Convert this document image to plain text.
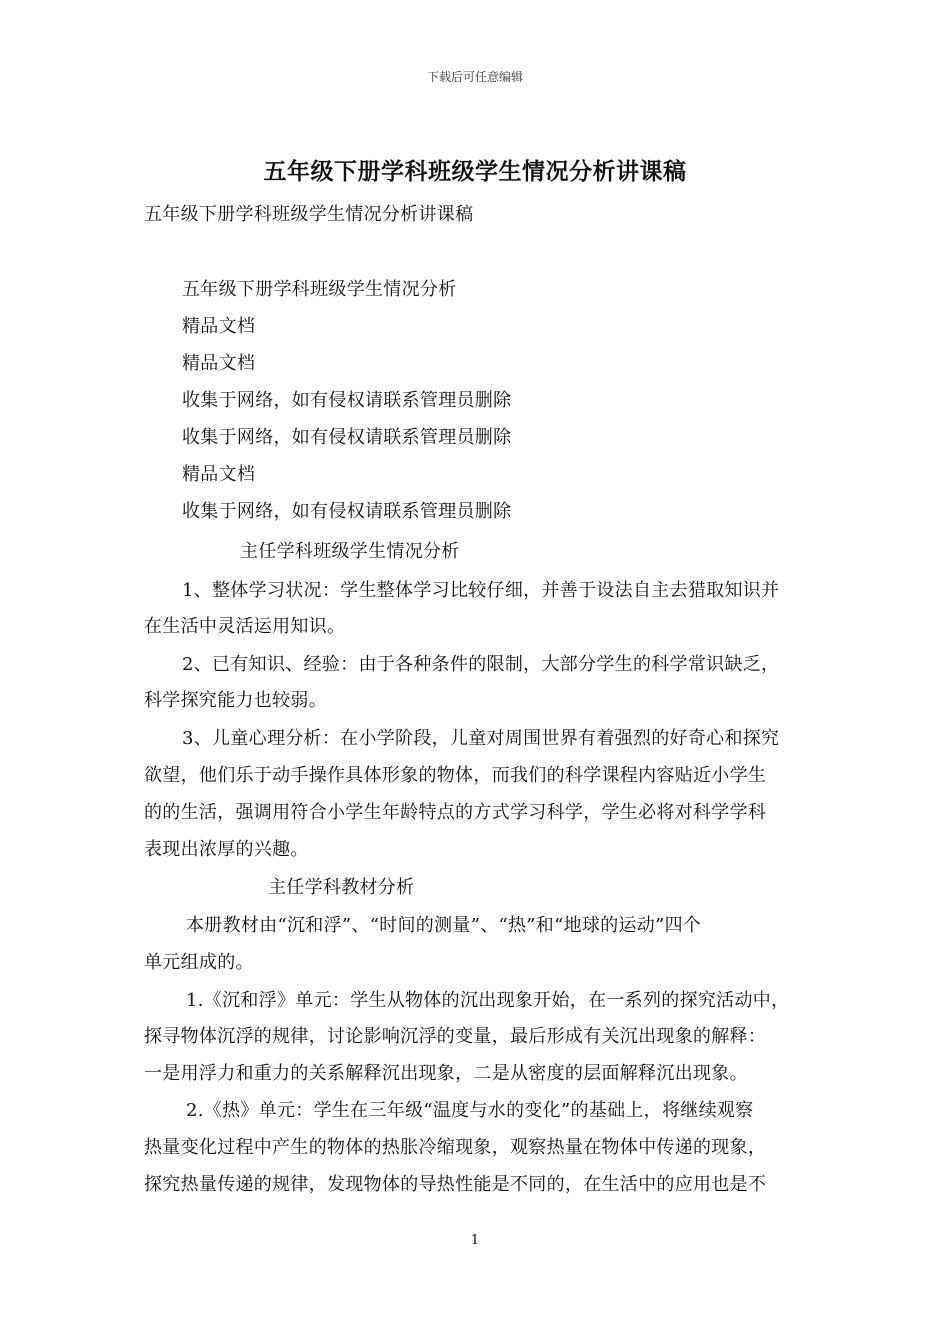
下载后可任意编辑
五年级下册学科班级学生情况分析讲课稿
五年级下册学科班级学生情况分析讲课稿
五年级下册学科班级学生情况分析
精品文档
精品文档
收集于网络，如有侵权请联系管理员删除
收集于网络，如有侵权请联系管理员删除
精品文档
收集于网络，如有侵权请联系管理员删除
主任学科班级学生情况分析
1、整体学习状况：学生整体学习比较仔细，并善于设法自主去猎取知识并
在生活中灵活运用知识。
2、已有知识、经验：由于各种条件的限制，大部分学生的科学常识缺乏，
科学探究能力也较弱。
3、儿童心理分析：在小学阶段，儿童对周围世界有着强烈的好奇心和探究
欲望，他们乐于动手操作具体形象的物体，而我们的科学课程内容贴近小学生
的的生活，强调用符合小学生年龄特点的方式学习科学，学生必将对科学学科
表现出浓厚的兴趣。
主任学科教材分析
本册教材由“沉和浮”、“时间的测量”、“热”和“地球的运动”四个
单元组成的。
1.《沉和浮》单元：学生从物体的沉出现象开始，在一系列的探究活动中，
探寻物体沉浮的规律，讨论影响沉浮的变量，最后形成有关沉出现象的解释：
一是用浮力和重力的关系解释沉出现象，二是从密度的层面解释沉出现象。
2.《热》单元：学生在三年级“温度与水的变化”的基础上，将继续观察
热量变化过程中产生的物体的热胀冷缩现象，观察热量在物体中传递的现象，
探究热量传递的规律，发现物体的导热性能是不同的，在生活中的应用也是不
1
